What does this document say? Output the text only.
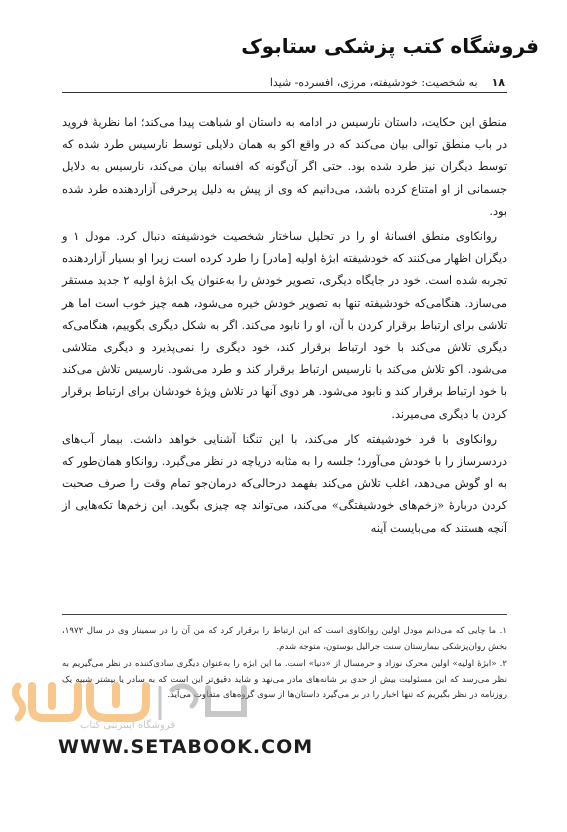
فروشگاه کتب پزشکی ستابوک
۱۸
به شخصیت: خودشیفته، مرزی، افسرده- شیدا

منطق این حکایت، داستان نارسیس در ادامه به داستان او شباهت پیدا می‌کند؛ اما نظریهٔ فروید در باب منطق توالی بیان می‌کند که در واقع اکو به همان دلایلی توسط نارسیس طرد شده که توسط دیگران نیز طرد شده بود. حتی اگر آن‌گونه که افسانه بیان می‌کند، نارسیس به دلایل جسمانی از او امتناع کرده باشد، می‌دانیم که وی از پیش به دلیل پرحرفی آزاردهنده طرد شده بود.

روانکاوی منطق افسانهٔ او را در تحلیل ساختار شخصیت خودشیفته دنبال کرد. مودل ۱ و دیگران اظهار می‌کنند که خودشیفته ابژهٔ اولیه [مادر] را طرد کرده است زیرا او بسیار آزاردهنده تجربه شده است. خود در جایگاه دیگری، تصویر خودش را به‌عنوان یک ابژهٔ اولیه ۲ جدید مستقر می‌سازد. هنگامی‌که خودشیفته تنها به تصویر خودش خیره می‌شود، همه چیز خوب است اما هر تلاشی برای ارتباط برقرار کردن با آن، او را نابود می‌کند. اگر به شکل دیگری بگوییم، هنگامی‌که دیگری تلاش می‌کند با خود ارتباط برقرار کند، خود دیگری را نمی‌پذیرد و دیگری متلاشی می‌شود. اکو تلاش می‌کند با نارسیس ارتباط برقرار کند و طرد می‌شود. نارسیس تلاش می‌کند با خود ارتباط برقرار کند و نابود می‌شود. هر دوی آنها در تلاش ویژهٔ خودشان برای ارتباط برقرار کردن با دیگری می‌میرند.

روانکاوی با فرد خودشیفته کار می‌کند، با این تنگنا آشنایی خواهد داشت. بیمار آب‌های دردسرساز را با خودش می‌آورد؛ جلسه را به مثابه دریاچه در نظر می‌گیرد. روانکاو همان‌طور که به او گوش می‌دهد، اغلب تلاش می‌کند بفهمد درحالی‌که درمان‌جو تمام وقت را صرف صحبت کردن دربارهٔ «زخم‌های خودشیفتگی» می‌کند، می‌تواند چه چیزی بگوید. این زخم‌ها تکه‌هایی از آنچه هستند که می‌بایست آینه

۱. ما چایی که می‌دانم مودل اولین روانکاوی است که این ارتباط را برقرار کرد که من آن را در سمینار وی در سال ۱۹۷۲، بخش روان‌پزشکی بیمارستان سنت جرالیل بوستون، متوجه شدم.

۲. «ابژهٔ اولیه» اولین محرک نوزاد و حرمسال از «دنیا» است. ما این ابژه را به‌عنوان دیگری سادی‌کننده در نظر می‌گیریم به نظر می‌رسد که این مسئولیت بیش از حدی بر شانه‌های مادر می‌نهد و شاید دقیق‌تر این است که به سادر یا بیشتر شبیه یک روزنامه در نظر بگیریم که تنها اخبار را در بر می‌گیرد داستان‌ها از سوی گروه‌های متفاوت می‌آید.

فروشگاه اینترنتی کتاب
WWW.SETABOOK.COM
